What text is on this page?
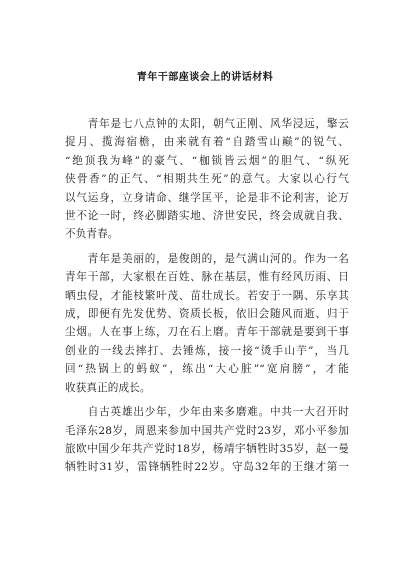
青年干部座谈会上的讲话材料

　　青年是七八点钟的太阳，朝气正刚、风华浸远，擎云
捉月、揽海宿檐，由来就有着“自踏雪山巅”的锐气、
“绝顶我为峰”的豪气、“枷锁皆云烟”的胆气、“纵死
侠骨香”的正气、“相期共生死”的意气。大家以心行气
以气运身，立身请命、继学匡平，论是非不论利害，论万
世不论一时，终必脚踏实地、济世安民，终会成就自我、
不负青春。

　　青年是美丽的，是俊朗的，是气满山河的。作为一名
青年干部，大家根在百姓、脉在基层，惟有经风历雨、日
晒虫侵，才能枝繁叶茂、苗壮成长。若安于一隅、乐享其
成，即便有先发优势、资质长板，依旧会随风而逝、归于
尘烟。人在事上练，刀在石上磨。青年干部就是要到干事
创业的一线去摔打、去锤炼，接一接“烫手山芋”，当几
回“热锅上的蚂蚁”，练出“大心脏”“宽肩膀”，才能
收获真正的成长。

　　自古英雄出少年，少年由来多磨难。中共一大召开时
毛泽东28岁，周恩来参加中国共产党时23岁，邓小平参加
旅欧中国少年共产党时18岁，杨靖宇牺牲时35岁，赵一曼
牺牲时31岁，雷锋牺牲时22岁。守岛32年的王继才第一
